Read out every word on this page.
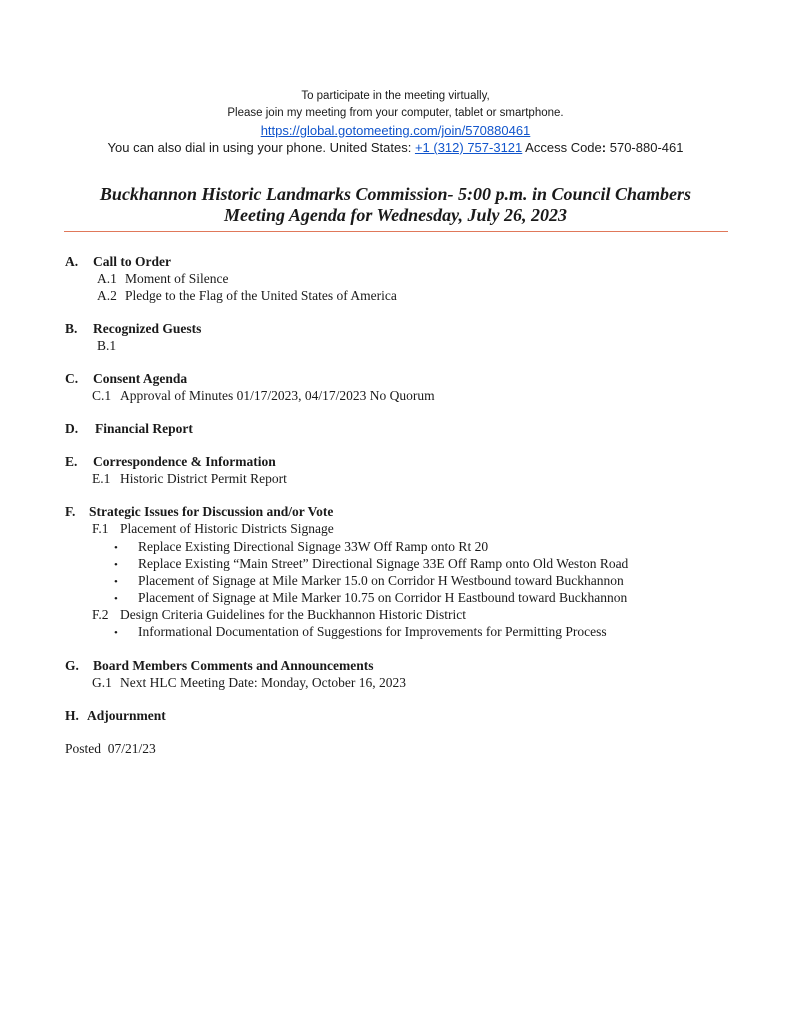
To participate in the meeting virtually,
Please join my meeting from your computer, tablet or smartphone.
https://global.gotomeeting.com/join/570880461
You can also dial in using your phone. United States: +1 (312) 757-3121 Access Code: 570-880-461
Buckhannon Historic Landmarks Commission- 5:00 p.m. in Council Chambers
Meeting Agenda for Wednesday, July 26, 2023
A. Call to Order
A.1 Moment of Silence
A.2 Pledge to the Flag of the United States of America
B. Recognized Guests
B.1
C. Consent Agenda
C.1 Approval of Minutes 01/17/2023, 04/17/2023 No Quorum
D. Financial Report
E. Correspondence & Information
E.1 Historic District Permit Report
F. Strategic Issues for Discussion and/or Vote
F.1 Placement of Historic Districts Signage
• Replace Existing Directional Signage 33W Off Ramp onto Rt 20
• Replace Existing “Main Street” Directional Signage 33E Off Ramp onto Old Weston Road
• Placement of Signage at Mile Marker 15.0 on Corridor H Westbound toward Buckhannon
• Placement of Signage at Mile Marker 10.75 on Corridor H Eastbound toward Buckhannon
F.2 Design Criteria Guidelines for the Buckhannon Historic District
• Informational Documentation of Suggestions for Improvements for Permitting Process
G. Board Members Comments and Announcements
G.1 Next HLC Meeting Date: Monday, October 16, 2023
H. Adjournment
Posted  07/21/23
